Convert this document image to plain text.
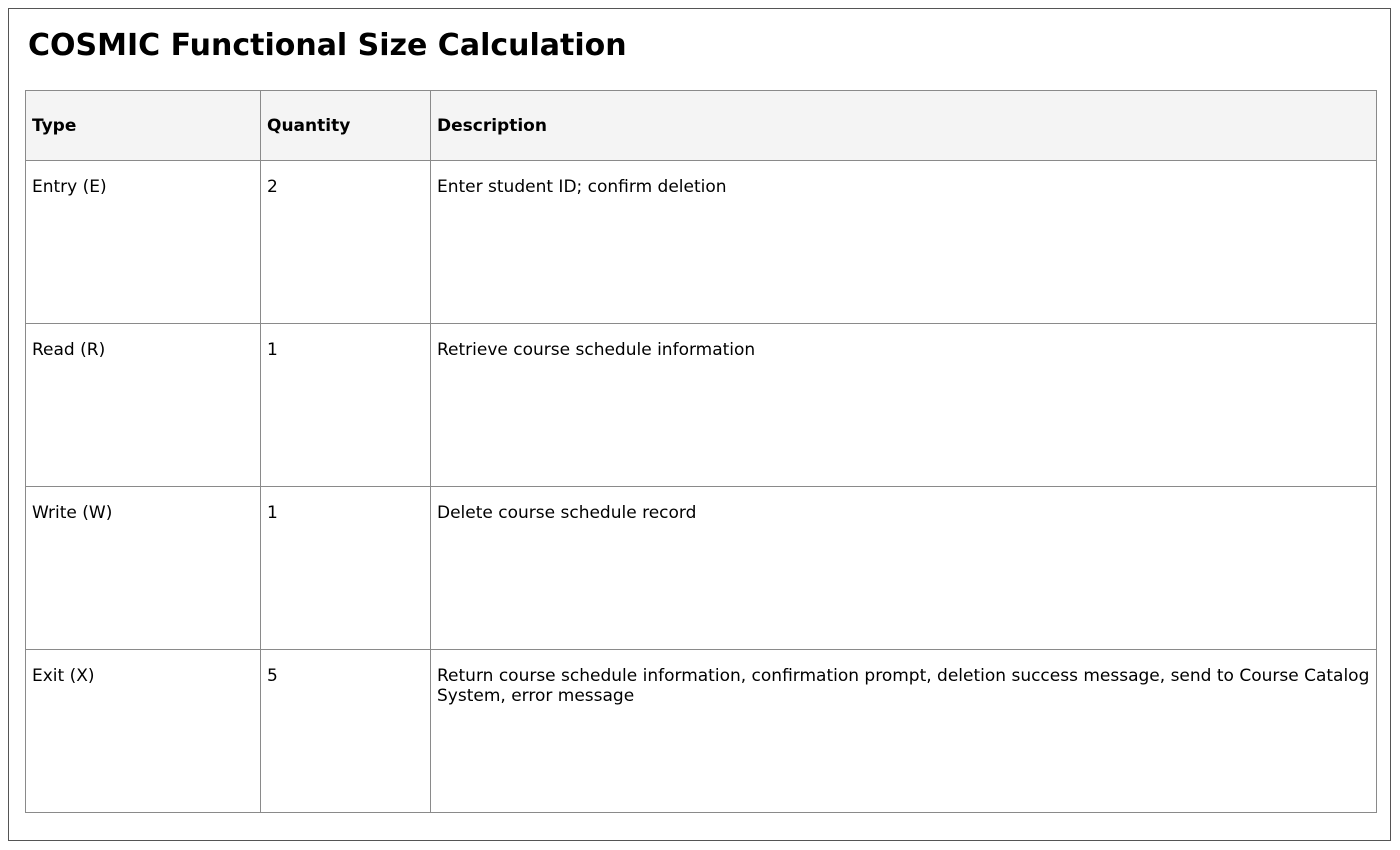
COSMIC Functional Size Calculation
Type	Quantity	Description
Entry (E)	2	Enter student ID; confirm deletion
Read (R)	1	Retrieve course schedule information
Write (W)	1	Delete course schedule record
Exit (X)	5	Return course schedule information, confirmation prompt, deletion success message, send to Course Catalog System, error message
